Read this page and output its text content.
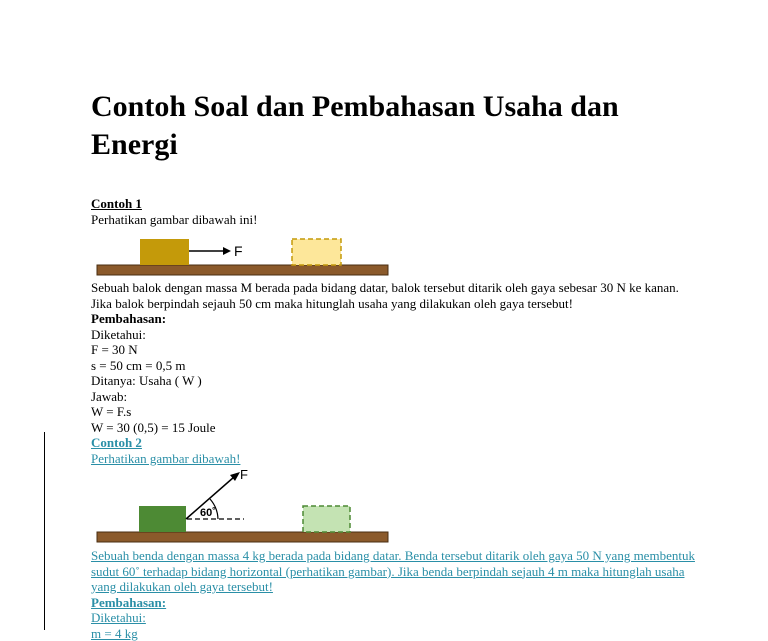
Contoh Soal dan Pembahasan Usaha dan Energi
Contoh 1
Perhatikan gambar dibawah ini!
F
Sebuah balok dengan massa M berada pada bidang datar, balok tersebut ditarik oleh gaya sebesar 30 N ke kanan.
Jika balok berpindah sejauh 50 cm maka hitunglah usaha yang dilakukan oleh gaya tersebut!
Pembahasan:
Diketahui:
F = 30 N
s = 50 cm = 0,5 m
Ditanya: Usaha ( W )
Jawab:
W = F.s
W = 30 (0,5) = 15 Joule
Contoh 2
Perhatikan gambar dibawah!
F
60˚
Sebuah benda dengan massa 4 kg berada pada bidang datar. Benda tersebut ditarik oleh gaya 50 N yang membentuk
sudut 60˚ terhadap bidang horizontal (perhatikan gambar). Jika benda berpindah sejauh 4 m maka hitunglah usaha
yang dilakukan oleh gaya tersebut!
Pembahasan:
Diketahui:
m = 4 kg
